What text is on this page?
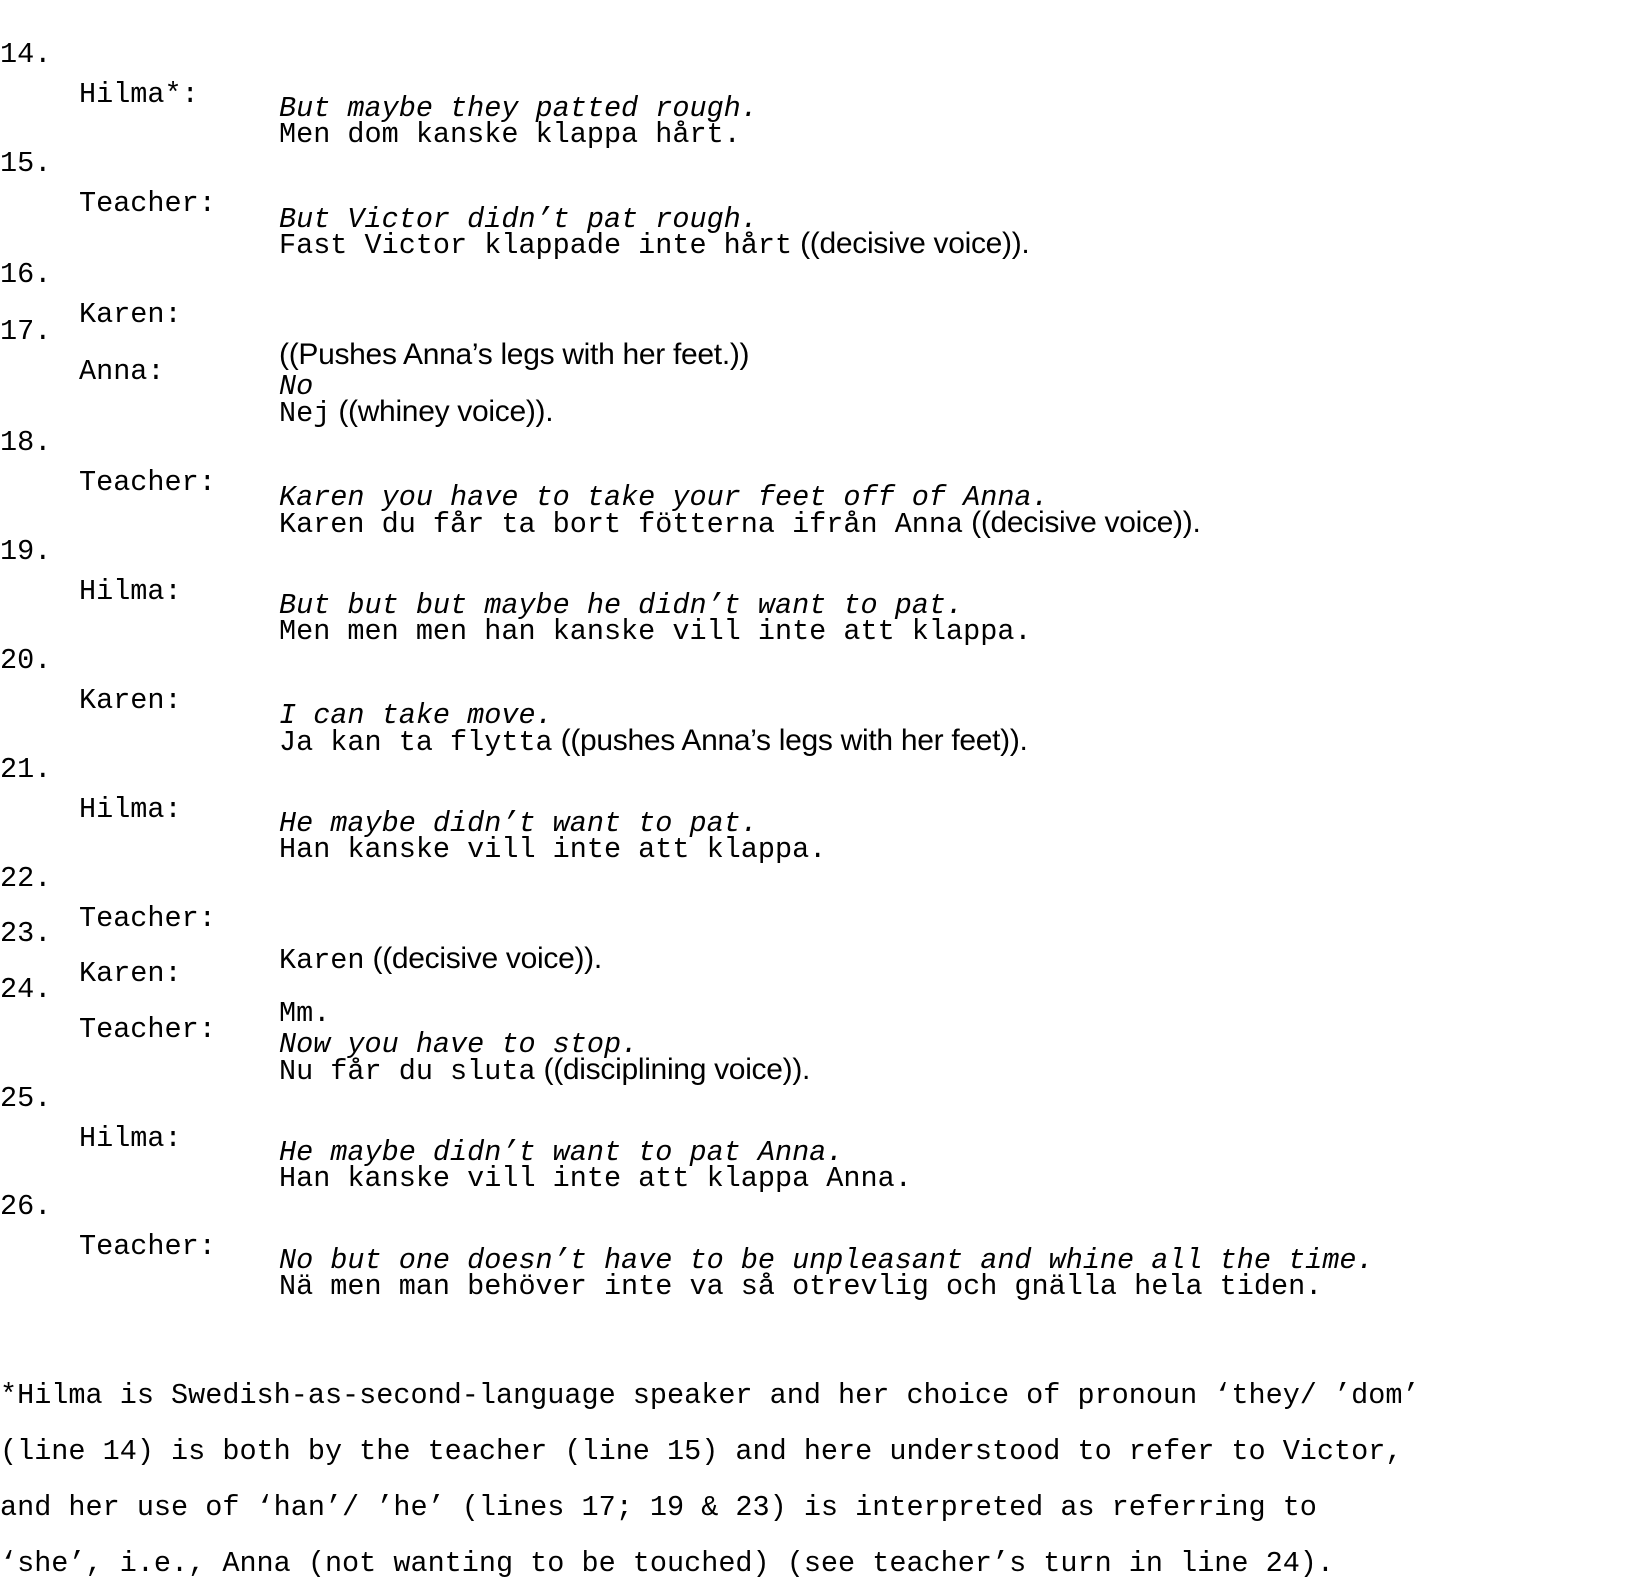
14.

Hilma*:

Men dom kanske klappa hårt.

But maybe they patted rough.

15.

Teacher:

Fast Victor klappade inte hårt ((decisive voice)).

But Victor didn’t pat rough.

16.

Karen:

((Pushes Anna’s legs with her feet.))

17.

Anna:

Nej ((whiney voice)).

No

18.

Teacher:

Karen du får ta bort fötterna ifrån Anna ((decisive voice)).

Karen you have to take your feet off of Anna.

19.

Hilma:

Men men men han kanske vill inte att klappa.

But but but maybe he didn’t want to pat.

20.

Karen:

Ja kan ta flytta ((pushes Anna’s legs with her feet)).

I can take move.

21.

Hilma:

Han kanske vill inte att klappa.

He maybe didn’t want to pat.

22.

Teacher:

Karen ((decisive voice)).

23.

Karen:

Mm.

24.

Teacher:

Nu får du sluta ((disciplining voice)).

Now you have to stop.

25.

Hilma:

Han kanske vill inte att klappa Anna.

He maybe didn’t want to pat Anna.

26.

Teacher:

Nä men man behöver inte va så otrevlig och gnälla hela tiden.

No but one doesn’t have to be unpleasant and whine all the time.

*Hilma is Swedish-as-second-language speaker and her choice of pronoun ‘they/ ’dom’
(line 14) is both by the teacher (line 15) and here understood to refer to Victor,
and her use of ‘han’/ ’he’ (lines 17; 19 & 23) is interpreted as referring to
‘she’, i.e., Anna (not wanting to be touched) (see teacher’s turn in line 24).
